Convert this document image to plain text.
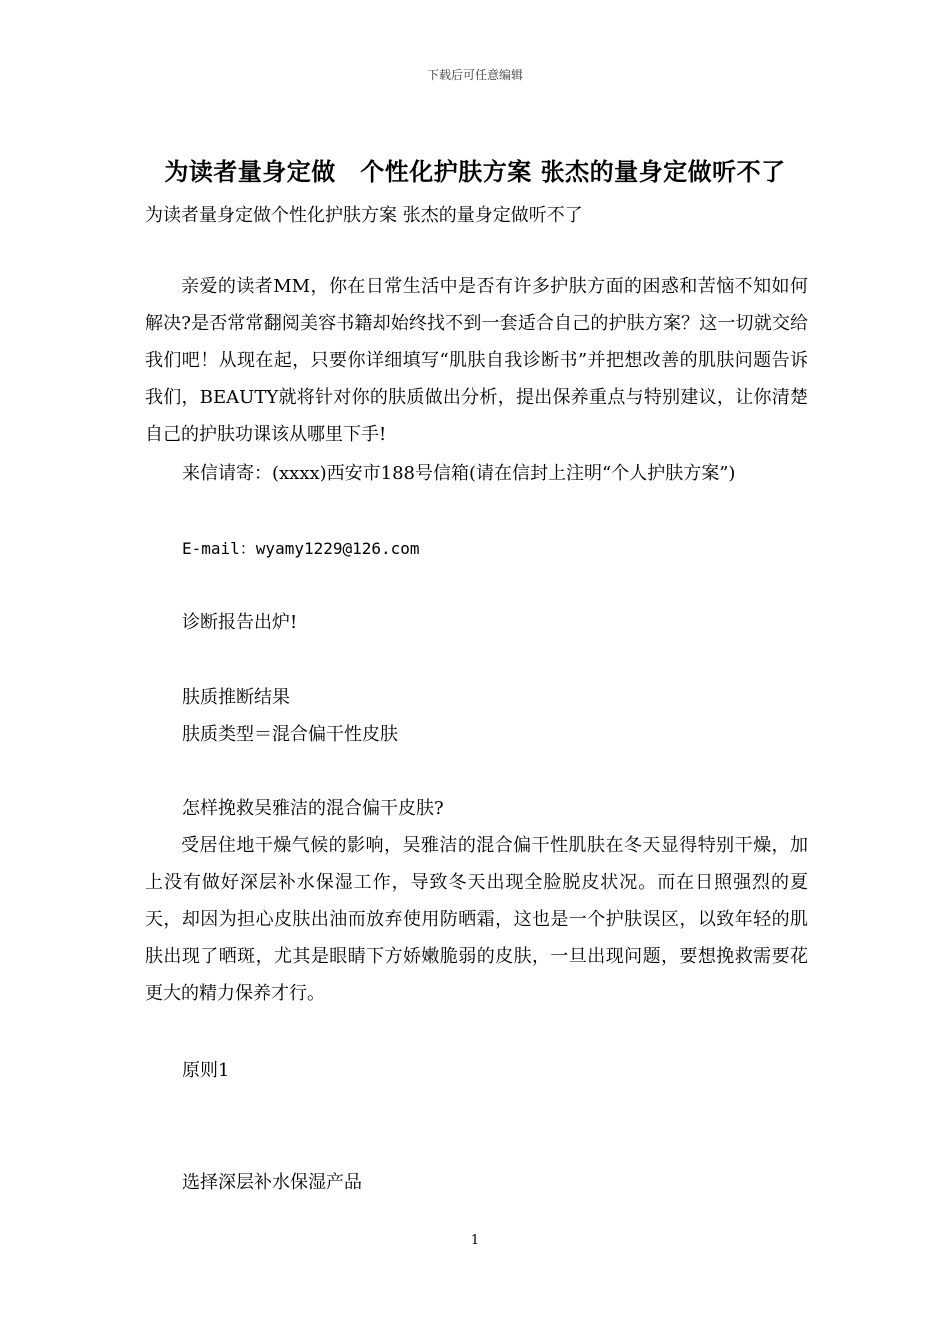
下载后可任意编辑
为读者量身定做　个性化护肤方案 张杰的量身定做听不了
为读者量身定做个性化护肤方案 张杰的量身定做听不了

亲爱的读者MM，你在日常生活中是否有许多护肤方面的困惑和苦恼不知如何解决?是否常常翻阅美容书籍却始终找不到一套适合自己的护肤方案？这一切就交给我们吧！从现在起，只要你详细填写“肌肤自我诊断书”并把想改善的肌肤问题告诉我们，BEAUTY就将针对你的肤质做出分析，提出保养重点与特别建议，让你清楚自己的护肤功课该从哪里下手!

来信请寄：(xxxx)西安市188号信箱(请在信封上注明“个人护肤方案”)
E-mail：wyamy1229@126.com
诊断报告出炉!
肤质推断结果
肤质类型＝混合偏干性皮肤
怎样挽救吴雅洁的混合偏干皮肤?

受居住地干燥气候的影响，吴雅洁的混合偏干性肌肤在冬天显得特别干燥，加上没有做好深层补水保湿工作，导致冬天出现全脸脱皮状况。而在日照强烈的夏天，却因为担心皮肤出油而放弃使用防晒霜，这也是一个护肤误区，以致年轻的肌肤出现了晒斑，尤其是眼睛下方娇嫩脆弱的皮肤，一旦出现问题，要想挽救需要花更大的精力保养才行。

原则1
选择深层补水保湿产品
1
